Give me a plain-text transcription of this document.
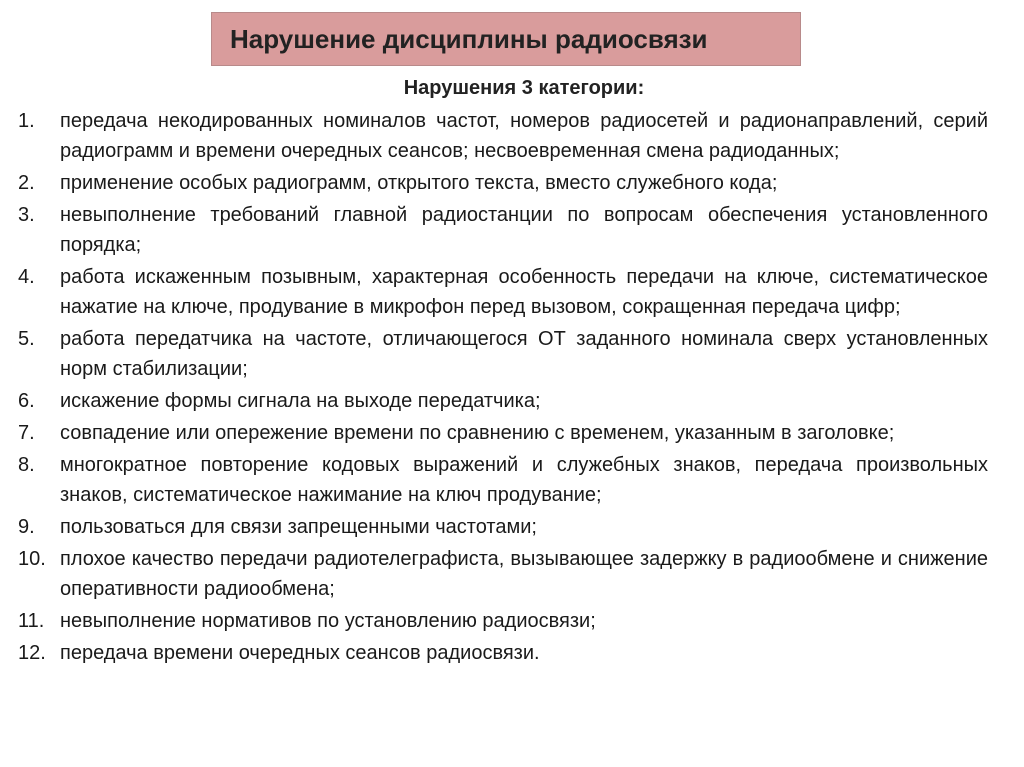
Нарушение дисциплины радиосвязи
Нарушения 3 категории:
1.	передача некодированных номиналов частот, номеров радиосетей и радионаправлений, серий радиограмм и времени очередных сеансов; несвоевременная смена радиоданных;
2.	применение особых радиограмм, открытого текста, вместо служебного кода;
3.	невыполнение требований главной радиостанции по вопросам обеспечения установленного порядка;
4.	работа искаженным позывным, характерная особенность передачи на ключе, систематическое нажатие на ключе, продувание в микрофон перед вызовом, сокращенная передача цифр;
5.	работа передатчика на частоте, отличающегося ОТ заданного номинала сверх установленных норм стабилизации;
6.	искажение формы сигнала на выходе передатчика;
7.	совпадение или опережение времени по сравнению с временем, указанным в заголовке;
8.	многократное повторение кодовых выражений и служебных знаков, передача произвольных знаков, систематическое нажимание на ключ продувание;
9.	пользоваться для связи запрещенными частотами;
10. плохое качество передачи радиотелеграфиста, вызывающее задержку в радиообмене и снижение оперативности радиообмена;
11. невыполнение нормативов по установлению радиосвязи;
12. передача времени очередных сеансов радиосвязи.
